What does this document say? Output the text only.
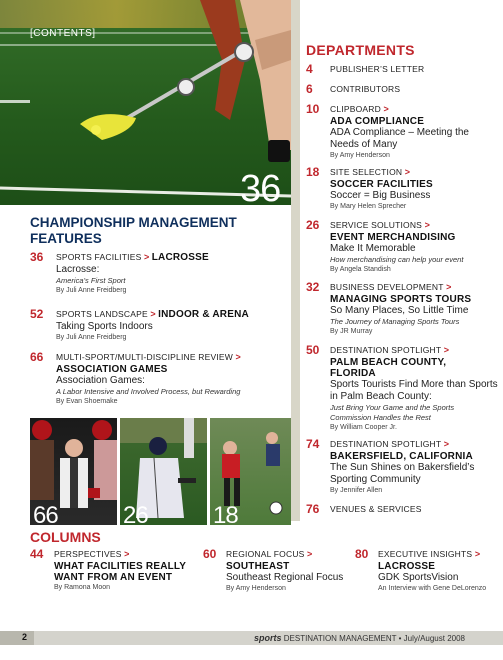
36
[CONTENTS]
CHAMPIONSHIP MANAGEMENT
FEATURES
36 SPORTS FACILITIES > LACROSSE
Lacrosse:
America’s First Sport
By Juli Anne Freidberg
52 SPORTS LANDSCAPE > INDOOR & ARENA
Taking Sports Indoors
By Juli Anne Freidberg
66 MULTI-SPORT/MULTI-DISCIPLINE REVIEW >
ASSOCIATION GAMES
Association Games:
A Labor Intensive and Involved Process, but Rewarding
By Evan Shoemake
66	26	18
DEPARTMENTS
4 PUBLISHER’S LETTER
6 CONTRIBUTORS
10 CLIPBOARD >
ADA COMPLIANCE
ADA Compliance – Meeting the
Needs of Many
By Amy Henderson
18 SITE SELECTION >
SOCCER FACILITIES
Soccer = Big Business
By Mary Helen Sprecher
26 SERVICE SOLUTIONS >
EVENT MERCHANDISING
Make It Memorable
How merchandising can help your event
By Angela Standish
32 BUSINESS DEVELOPMENT >
MANAGING SPORTS TOURS
So Many Places, So Little Time
The Journey of Managing Sports Tours
By JR Murray
50 DESTINATION SPOTLIGHT >
PALM BEACH COUNTY,
FLORIDA
Sports Tourists Find More than Sports
in Palm Beach County:
Just Bring Your Game and the Sports
Commission Handles the Rest
By William Cooper Jr.
74 DESTINATION SPOTLIGHT >
BAKERSFIELD, CALIFORNIA
The Sun Shines on Bakersfield’s
Sporting Community
By Jennifer Allen
76 VENUES & SERVICES
COLUMNS
44 PERSPECTIVES >
WHAT FACILITIES REALLY
WANT FROM AN EVENT
By Ramona Moon
60 REGIONAL FOCUS >
SOUTHEAST
Southeast Regional Focus
By Amy Henderson
80 EXECUTIVE INSIGHTS >
LACROSSE
GDK SportsVision
An Interview with Gene DeLorenzo
2	sports DESTINATION MANAGEMENT • July/August 2008
